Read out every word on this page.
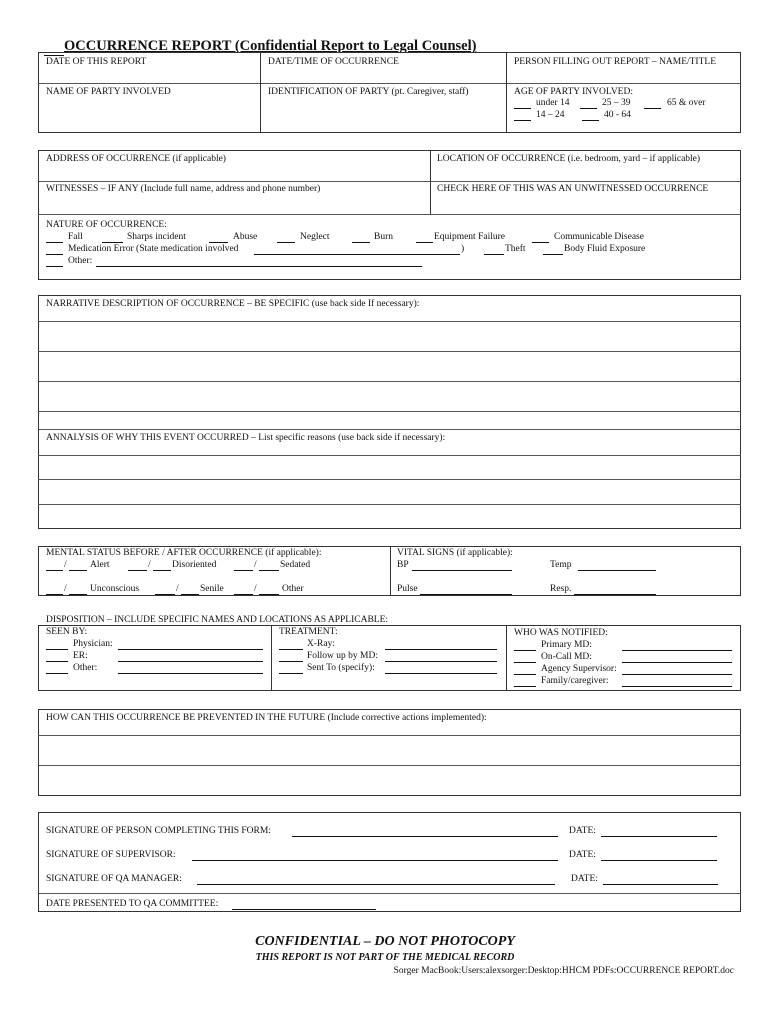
OCCURRENCE REPORT (Confidential Report to Legal Counsel)
DATE OF THIS REPORT	DATE/TIME OF OCCURRENCE	PERSON FILLING OUT REPORT – NAME/TITLE
NAME OF PARTY INVOLVED	IDENTIFICATION OF PARTY (pt. Caregiver, staff)	AGE OF PARTY INVOLVED:
under 14	25 – 39	65 & over
14 – 24	40 - 64
ADDRESS OF OCCURRENCE (if applicable)	LOCATION OF OCCURRENCE (i.e. bedroom, yard – if applicable)
WITNESSES – IF ANY (Include full name, address and phone number)	CHECK HERE OF THIS WAS AN UNWITNESSED OCCURRENCE
NATURE OF OCCURRENCE:
Fall	Sharps incident	Abuse	Neglect	Burn	Equipment Failure	Communicable Disease
Medication Error (State medication involved	)	Theft	Body Fluid Exposure
Other:
NARRATIVE DESCRIPTION OF OCCURRENCE – BE SPECIFIC (use back side If necessary):
ANNALYSIS OF WHY THIS EVENT OCCURRED – List specific reasons (use back side if necessary):
MENTAL STATUS BEFORE / AFTER OCCURRENCE (if applicable):
/ Alert	/ Disoriented	/ Sedated
/ Unconscious	/ Senile	/	Other
VITAL SIGNS (if applicable):
BP	Temp
Pulse	Resp.
DISPOSITION – INCLUDE SPECIFIC NAMES AND LOCATIONS AS APPLICABLE:
SEEN BY:
Physician:
ER:
Other:
TREATMENT:
X-Ray:
Follow up by MD:
Sent To (specify):
WHO WAS NOTIFIED:
Primary MD:
On-Call MD:
Agency Supervisor:
Family/caregiver:
HOW CAN THIS OCCURRENCE BE PREVENTED IN THE FUTURE (Include corrective actions implemented):
SIGNATURE OF PERSON COMPLETING THIS FORM:	DATE:
SIGNATURE OF SUPERVISOR:	DATE:
SIGNATURE OF QA MANAGER:	DATE:
DATE PRESENTED TO QA COMMITTEE:
CONFIDENTIAL – DO NOT PHOTOCOPY
THIS REPORT IS NOT PART OF THE MEDICAL RECORD
Sorger MacBook:Users:alexsorger:Desktop:HHCM PDFs:OCCURRENCE REPORT.doc
